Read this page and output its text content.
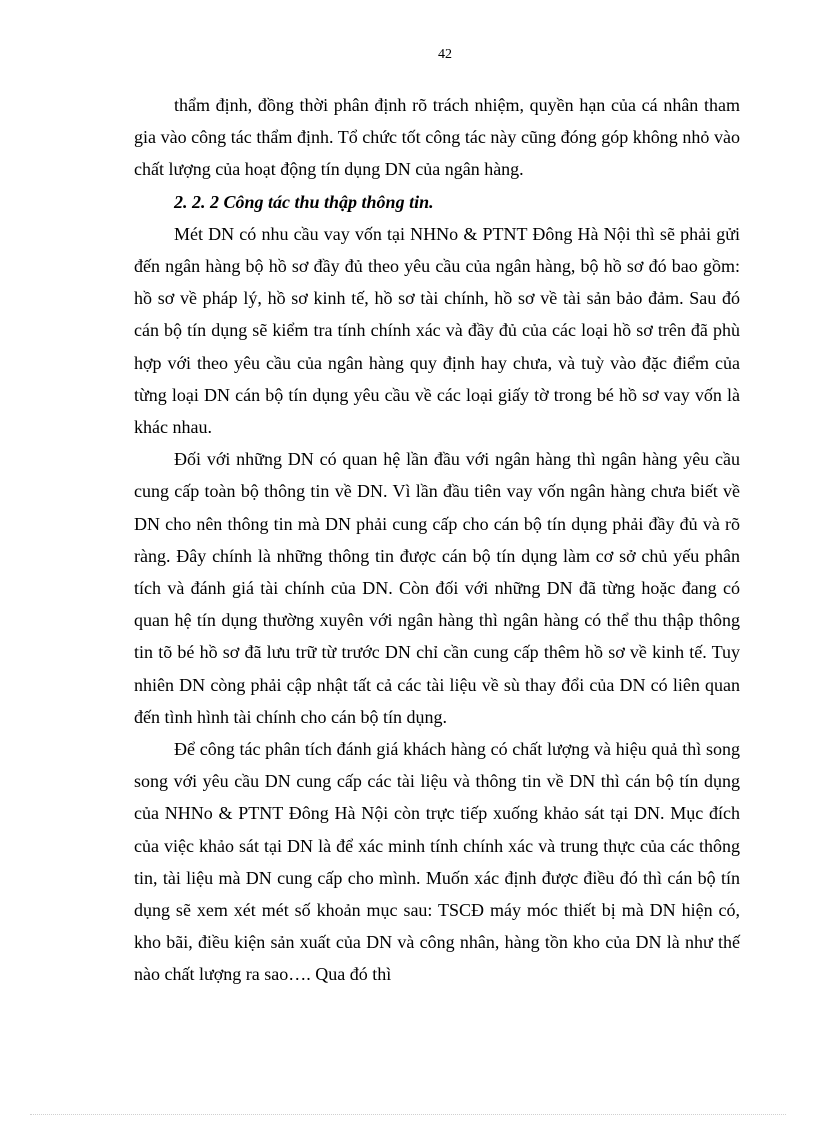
42

thẩm định, đồng thời phân định rõ trách nhiệm, quyền hạn của cá nhân tham gia vào công tác thẩm định. Tổ chức tốt công tác này cũng đóng góp không nhỏ vào chất lượng của hoạt động tín dụng DN của ngân hàng.

2. 2. 2 Công tác thu thập thông tin.

Mét DN có nhu cầu vay vốn tại NHNo & PTNT Đông Hà Nội thì sẽ phải gửi đến ngân hàng bộ hồ sơ đầy đủ theo yêu cầu của ngân hàng, bộ hồ sơ đó bao gồm: hồ sơ về pháp lý, hồ sơ kinh tế, hồ sơ tài chính, hồ sơ về tài sản bảo đảm. Sau đó cán bộ tín dụng sẽ kiểm tra tính chính xác và đầy đủ của các loại hồ sơ trên đã phù hợp với theo yêu cầu của ngân hàng quy định hay chưa, và tuỳ vào đặc điểm của từng loại DN cán bộ tín dụng yêu cầu về các loại giấy tờ trong bé hồ sơ vay vốn là khác nhau.

Đối với những DN có quan hệ lần đầu với ngân hàng thì ngân hàng yêu cầu cung cấp toàn bộ thông tin về DN. Vì lần đầu tiên vay vốn ngân hàng chưa biết về DN cho nên thông tin mà DN phải cung cấp cho cán bộ tín dụng phải đầy đủ và rõ ràng. Đây chính là những thông tin được cán bộ tín dụng làm cơ sở chủ yếu phân tích và đánh giá tài chính của DN. Còn đối với những DN đã từng hoặc đang có quan hệ tín dụng thường xuyên với ngân hàng thì ngân hàng có thể thu thập thông tin tõ bé hồ sơ đã lưu trữ từ trước DN chỉ cần cung cấp thêm hồ sơ về kinh tế. Tuy nhiên DN còng phải cập nhật tất cả các tài liệu về sù thay đổi của DN có liên quan đến tình hình tài chính cho cán bộ tín dụng.

Để công tác phân tích đánh giá khách hàng có chất lượng và hiệu quả thì song song với yêu cầu DN cung cấp các tài liệu và thông tin về DN thì cán bộ tín dụng của NHNo & PTNT Đông Hà Nội còn trực tiếp xuống khảo sát tại DN. Mục đích của việc khảo sát tại DN là để xác minh tính chính xác và trung thực của các thông tin, tài liệu mà DN cung cấp cho mình. Muốn xác định được điều đó thì cán bộ tín dụng sẽ xem xét mét số khoản mục sau: TSCĐ máy móc thiết bị mà DN hiện có, kho bãi, điều kiện sản xuất của DN và công nhân, hàng tồn kho của DN là như thế nào chất lượng ra sao…. Qua đó thì
